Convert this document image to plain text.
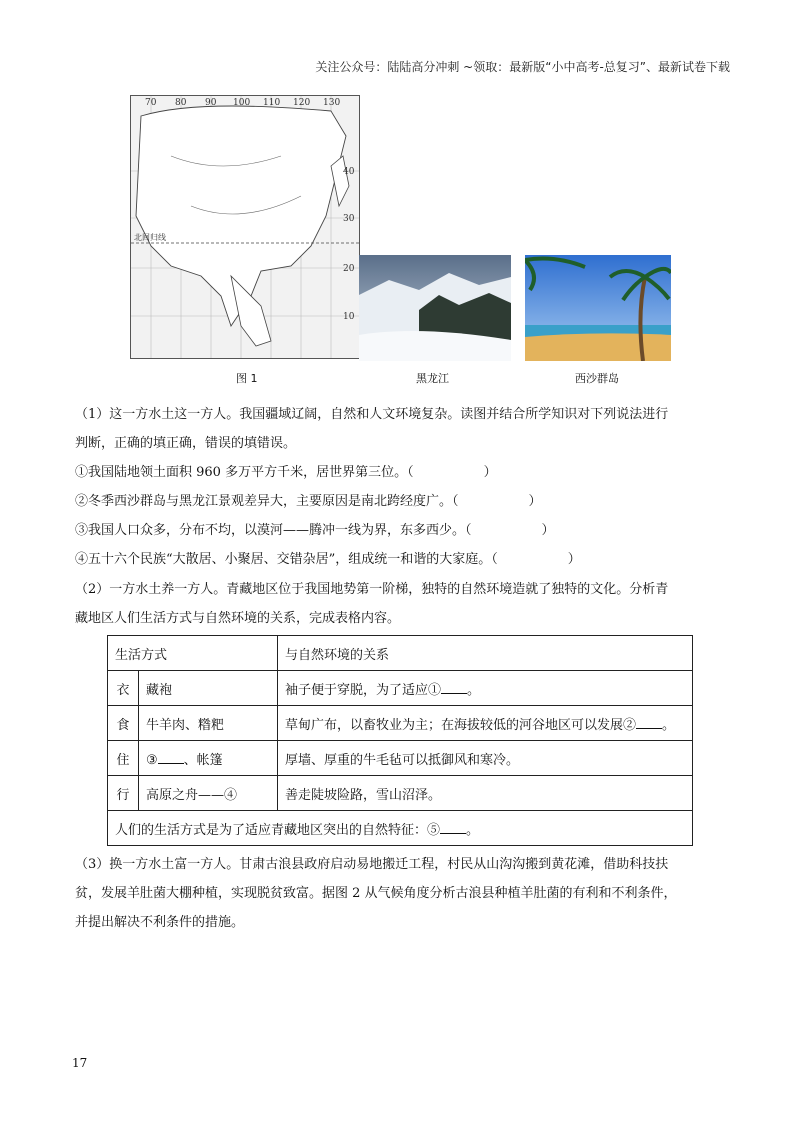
关注公众号：陆陆高分冲刺 ~领取：最新版“小中高考-总复习”、最新试卷下载
北回归线
70 80 90 100 110 120 130
40
30
20
10
图 1	黑龙江	西沙群岛
（1）这一方水土这一方人。我国疆域辽阔，自然和人文环境复杂。读图并结合所学知识对下列说法进行
判断，正确的填正确，错误的填错误。
①我国陆地领土面积 960 多万平方千米，居世界第三位。（	）
②冬季西沙群岛与黑龙江景观差异大，主要原因是南北跨经度广。（	）
③我国人口众多，分布不均，以漠河——腾冲一线为界，东多西少。（	）
④五十六个民族“大散居、小聚居、交错杂居”，组成统一和谐的大家庭。（	）
（2）一方水土养一方人。青藏地区位于我国地势第一阶梯，独特的自然环境造就了独特的文化。分析青
藏地区人们生活方式与自然环境的关系，完成表格内容。
生活方式		与自然环境的关系
衣	藏袍	袖子便于穿脱，为了适应① 。
食	牛羊肉、糌粑	草甸广布，以畜牧业为主；在海拔较低的河谷地区可以发展② 。
住	③ 、帐篷	厚墙、厚重的牛毛毡可以抵御风和寒冷。
行	高原之舟——④	善走陡坡险路，雪山沼泽。
人们的生活方式是为了适应青藏地区突出的自然特征：⑤ 。		
（3）换一方水土富一方人。甘肃古浪县政府启动易地搬迁工程，村民从山沟沟搬到黄花滩，借助科技扶
贫，发展羊肚菌大棚种植，实现脱贫致富。据图 2 从气候角度分析古浪县种植羊肚菌的有利和不利条件，
并提出解决不利条件的措施。
17
